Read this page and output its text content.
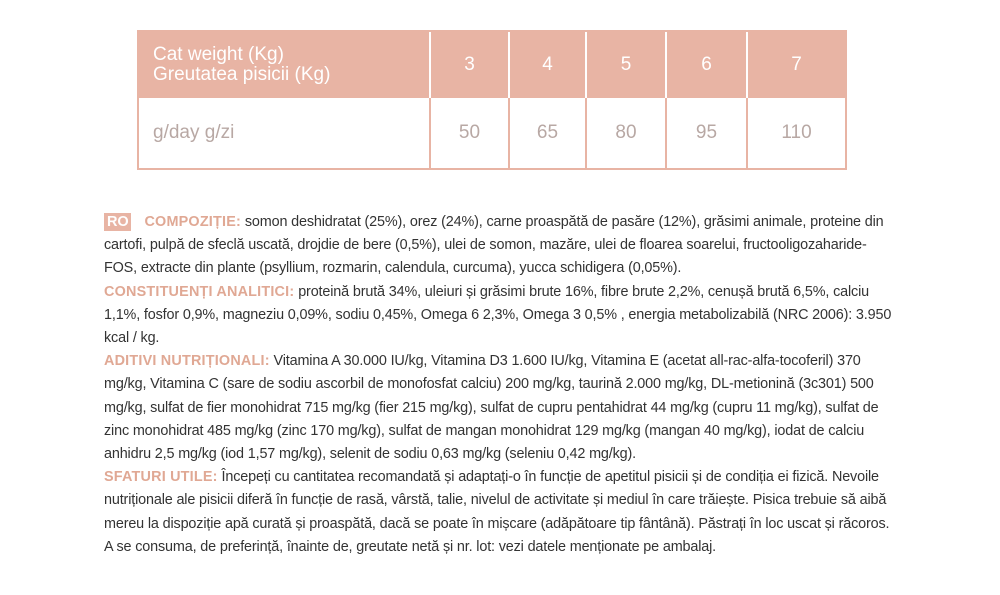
Cat weight (Kg)
Greutatea pisicii (Kg)	3	4	5	6	7
g/day g/zi	50	65	80	95	110
RO COMPOZIȚIE: somon deshidratat (25%), orez (24%), carne proaspătă de pasăre (12%), grăsimi animale, proteine din cartofi, pulpă de sfeclă uscată, drojdie de bere (0,5%), ulei de somon, mazăre, ulei de floarea soarelui, fructooligozaharide-FOS, extracte din plante (psyllium, rozmarin, calendula, curcuma), yucca schidigera (0,05%).
CONSTITUENȚI ANALITICI: proteină brută 34%, uleiuri și grăsimi brute 16%, fibre brute 2,2%, cenușă brută 6,5%, calciu 1,1%, fosfor 0,9%, magneziu 0,09%, sodiu 0,45%, Omega 6 2,3%, Omega 3 0,5% , energia metabolizabilă (NRC 2006): 3.950 kcal / kg.
ADITIVI NUTRIȚIONALI: Vitamina A 30.000 IU/kg, Vitamina D3 1.600 IU/kg, Vitamina E (acetat all-rac-alfa-tocoferil) 370 mg/kg, Vitamina C (sare de sodiu ascorbil de monofosfat calciu) 200 mg/kg, taurină 2.000 mg/kg, DL-metionină (3c301) 500 mg/kg, sulfat de fier monohidrat 715 mg/kg (fier 215 mg/kg), sulfat de cupru pentahidrat 44 mg/kg (cupru 11 mg/kg), sulfat de zinc monohidrat 485 mg/kg (zinc 170 mg/kg), sulfat de mangan monohidrat 129 mg/kg (mangan 40 mg/kg), iodat de calciu anhidru 2,5 mg/kg (iod 1,57 mg/kg), selenit de sodiu 0,63 mg/kg (seleniu 0,42 mg/kg).
SFATURI UTILE: Începeți cu cantitatea recomandată și adaptați-o în funcție de apetitul pisicii și de condiția ei fizică. Nevoile nutriționale ale pisicii diferă în funcție de rasă, vârstă, talie, nivelul de activitate și mediul în care trăiește. Pisica trebuie să aibă mereu la dispoziție apă curată și proaspătă, dacă se poate în mișcare (adăpătoare tip fântână). Păstrați în loc uscat și răcoros. A se consuma, de preferință, înainte de, greutate netă și nr. lot: vezi datele menționate pe ambalaj.
